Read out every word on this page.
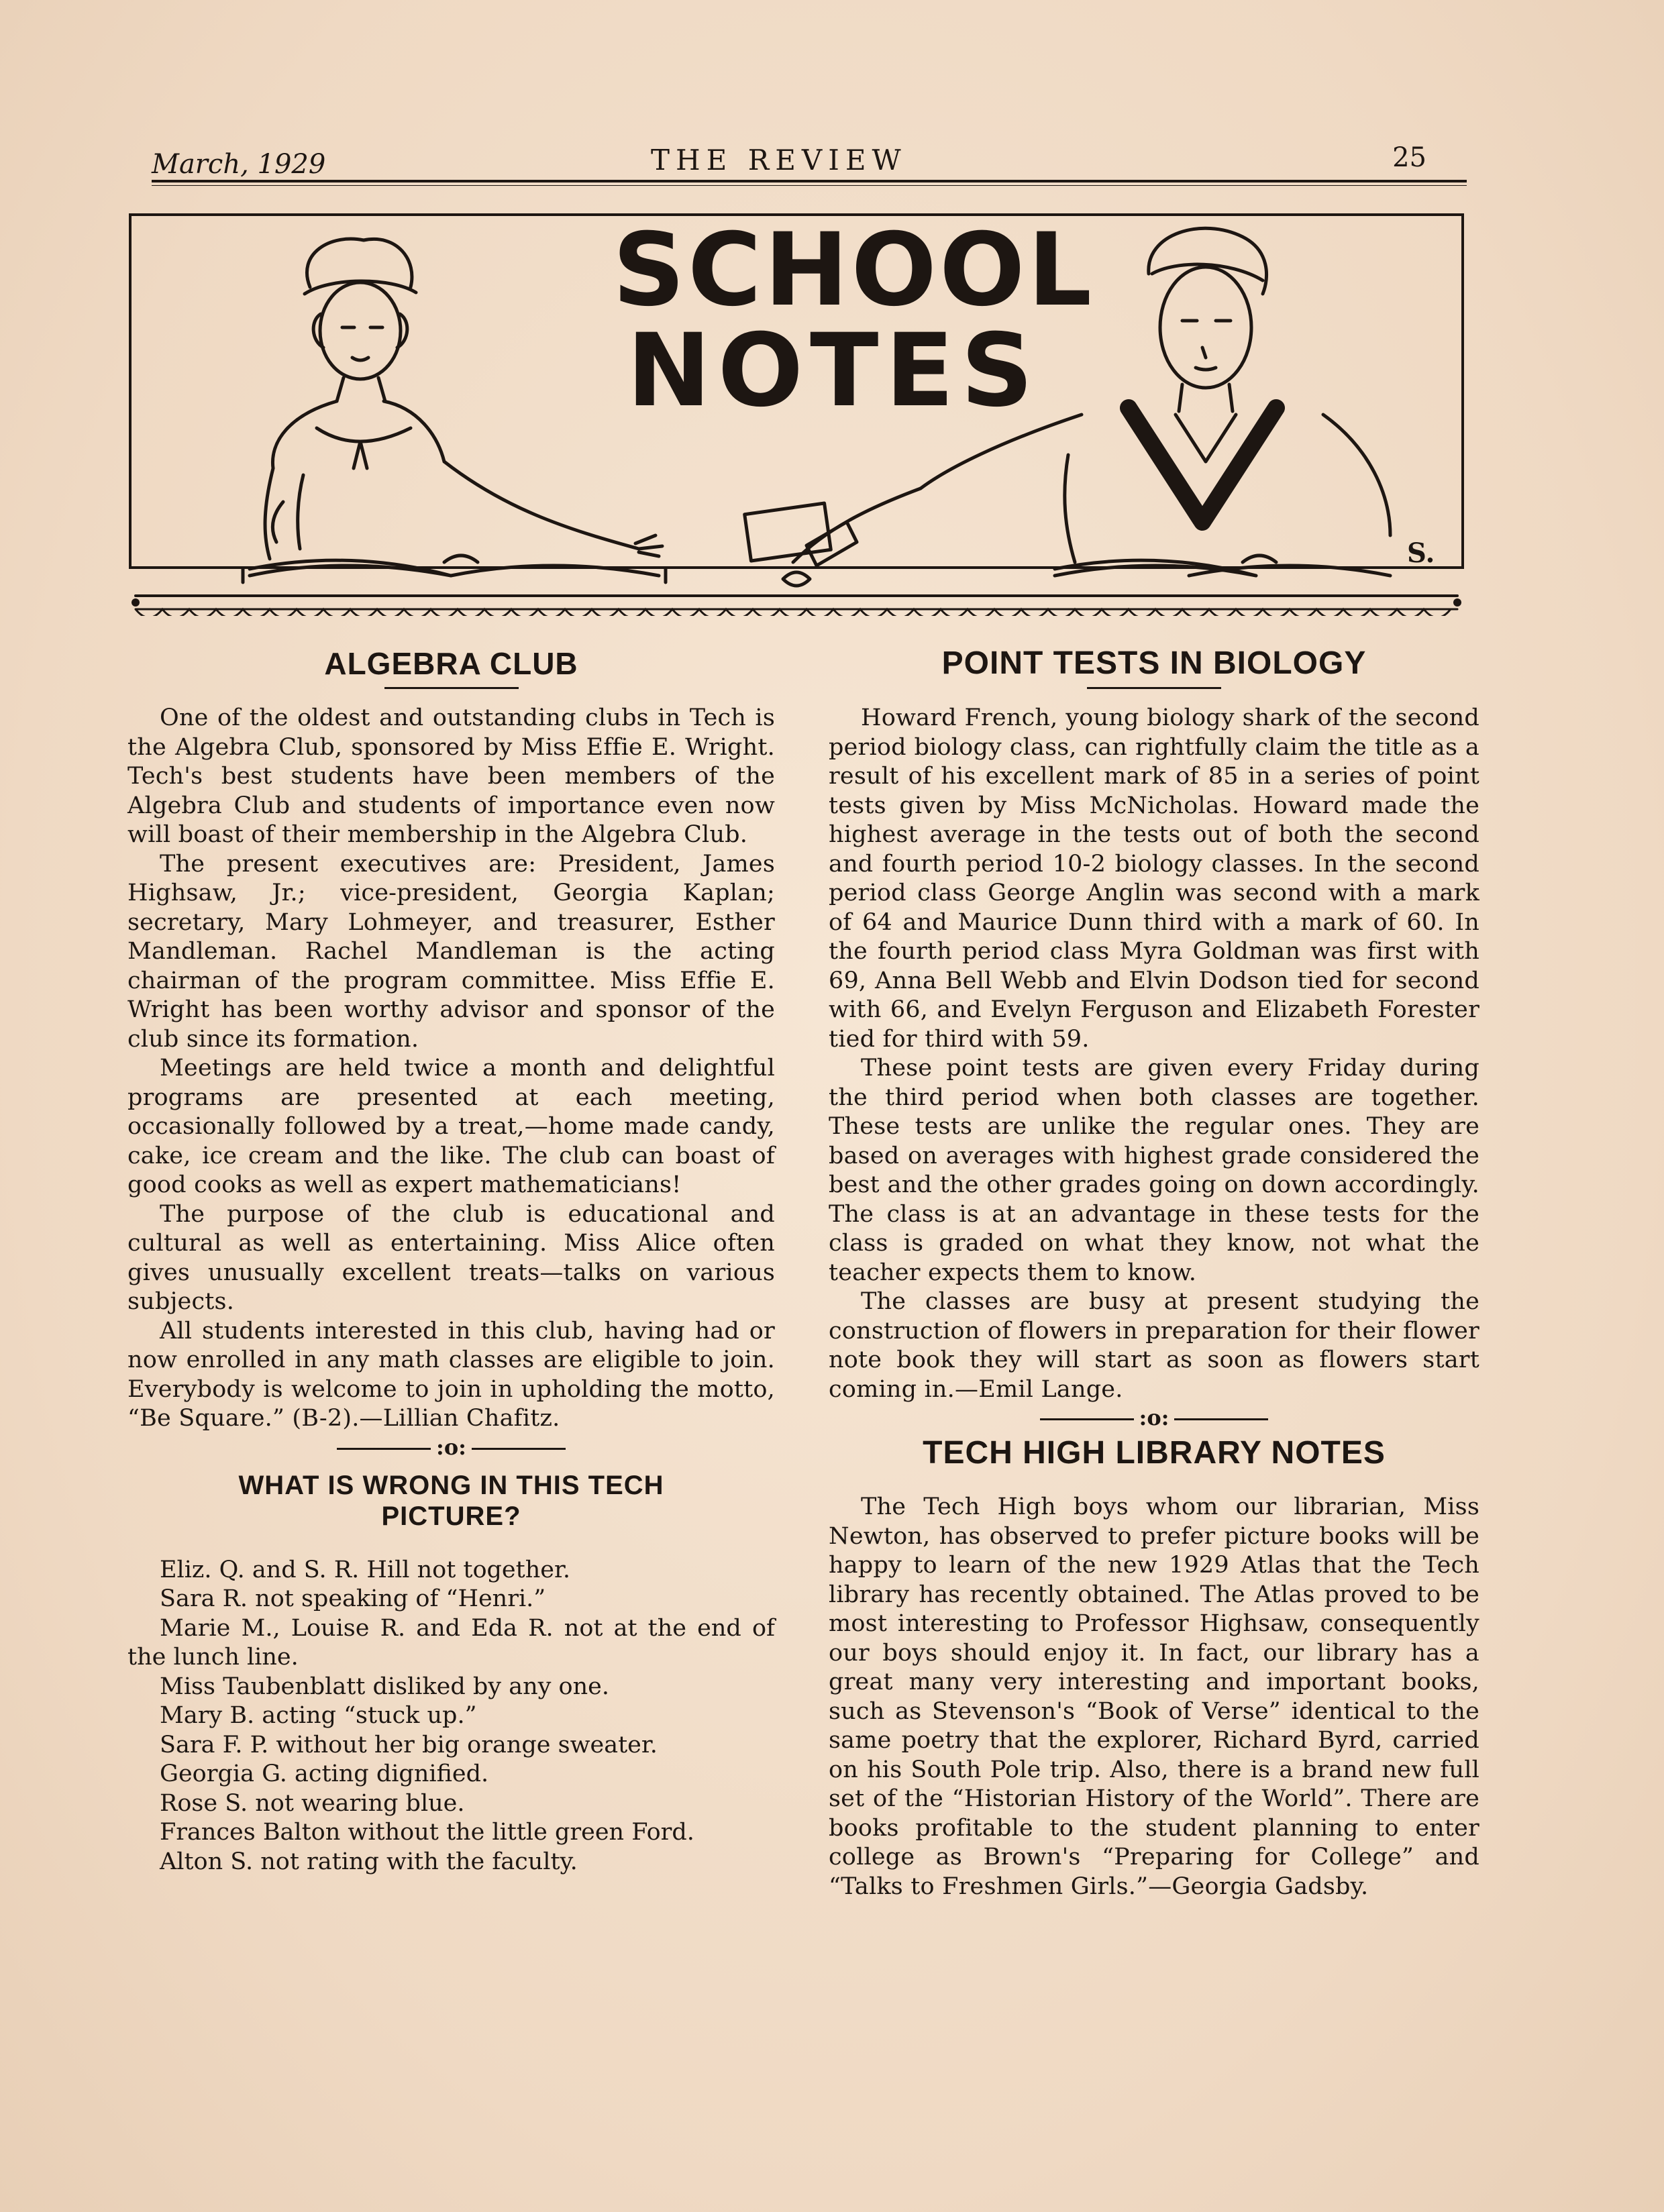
March, 1929	THE REVIEW	25
S.
SCHOOL
NOTES
ALGEBRA CLUB

One of the oldest and outstanding clubs in Tech is the Algebra Club, sponsored by Miss Effie E. Wright. Tech's best students have been members of the Algebra Club and students of importance even now will boast of their membership in the Algebra Club.

The present executives are: President, James Highsaw, Jr.; vice-president, Georgia Kaplan; secretary, Mary Lohmeyer, and treasurer, Esther Mandleman. Rachel Mandleman is the acting chairman of the program committee. Miss Effie E. Wright has been worthy advisor and sponsor of the club since its formation.

Meetings are held twice a month and delightful programs are presented at each meeting, occasionally followed by a treat,—home made candy, cake, ice cream and the like. The club can boast of good cooks as well as expert mathematicians!

The purpose of the club is educational and cultural as well as entertaining. Miss Alice often gives unusually excellent treats—talks on various subjects.

All students interested in this club, having had or now enrolled in any math classes are eligible to join. Everybody is welcome to join in upholding the motto, “Be Square.” (B-2).—Lillian Chafitz.

:o:
WHAT IS WRONG IN THIS TECH
PICTURE?
Eliz. Q. and S. R. Hill not together.
Sara R. not speaking of “Henri.”
Marie M., Louise R. and Eda R. not at the end of the lunch line.
Miss Taubenblatt disliked by any one.
Mary B. acting “stuck up.”
Sara F. P. without her big orange sweater.
Georgia G. acting dignified.
Rose S. not wearing blue.
Frances Balton without the little green Ford.
Alton S. not rating with the faculty.
POINT TESTS IN BIOLOGY

Howard French, young biology shark of the second period biology class, can rightfully claim the title as a result of his excellent mark of 85 in a series of point tests given by Miss McNicholas. Howard made the highest average in the tests out of both the second and fourth period 10-2 biology classes. In the second period class George Anglin was second with a mark of 64 and Maurice Dunn third with a mark of 60. In the fourth period class Myra Goldman was first with 69, Anna Bell Webb and Elvin Dodson tied for second with 66, and Evelyn Ferguson and Elizabeth Forester tied for third with 59.

These point tests are given every Friday during the third period when both classes are together. These tests are unlike the regular ones. They are based on averages with highest grade considered the best and the other grades going on down accordingly. The class is at an advantage in these tests for the class is graded on what they know, not what the teacher expects them to know.

The classes are busy at present studying the construction of flowers in preparation for their flower note book they will start as soon as flowers start coming in.—Emil Lange.

:o:
TECH HIGH LIBRARY NOTES

The Tech High boys whom our librarian, Miss Newton, has observed to prefer picture books will be happy to learn of the new 1929 Atlas that the Tech library has recently obtained. The Atlas proved to be most interesting to Professor Highsaw, consequently our boys should enjoy it. In fact, our library has a great many very interesting and important books, such as Stevenson's “Book of Verse” identical to the same poetry that the explorer, Richard Byrd, carried on his South Pole trip. Also, there is a brand new full set of the “Historian History of the World”. There are books profitable to the student planning to enter college as Brown's “Preparing for College” and “Talks to Freshmen Girls.”—Georgia Gadsby.
